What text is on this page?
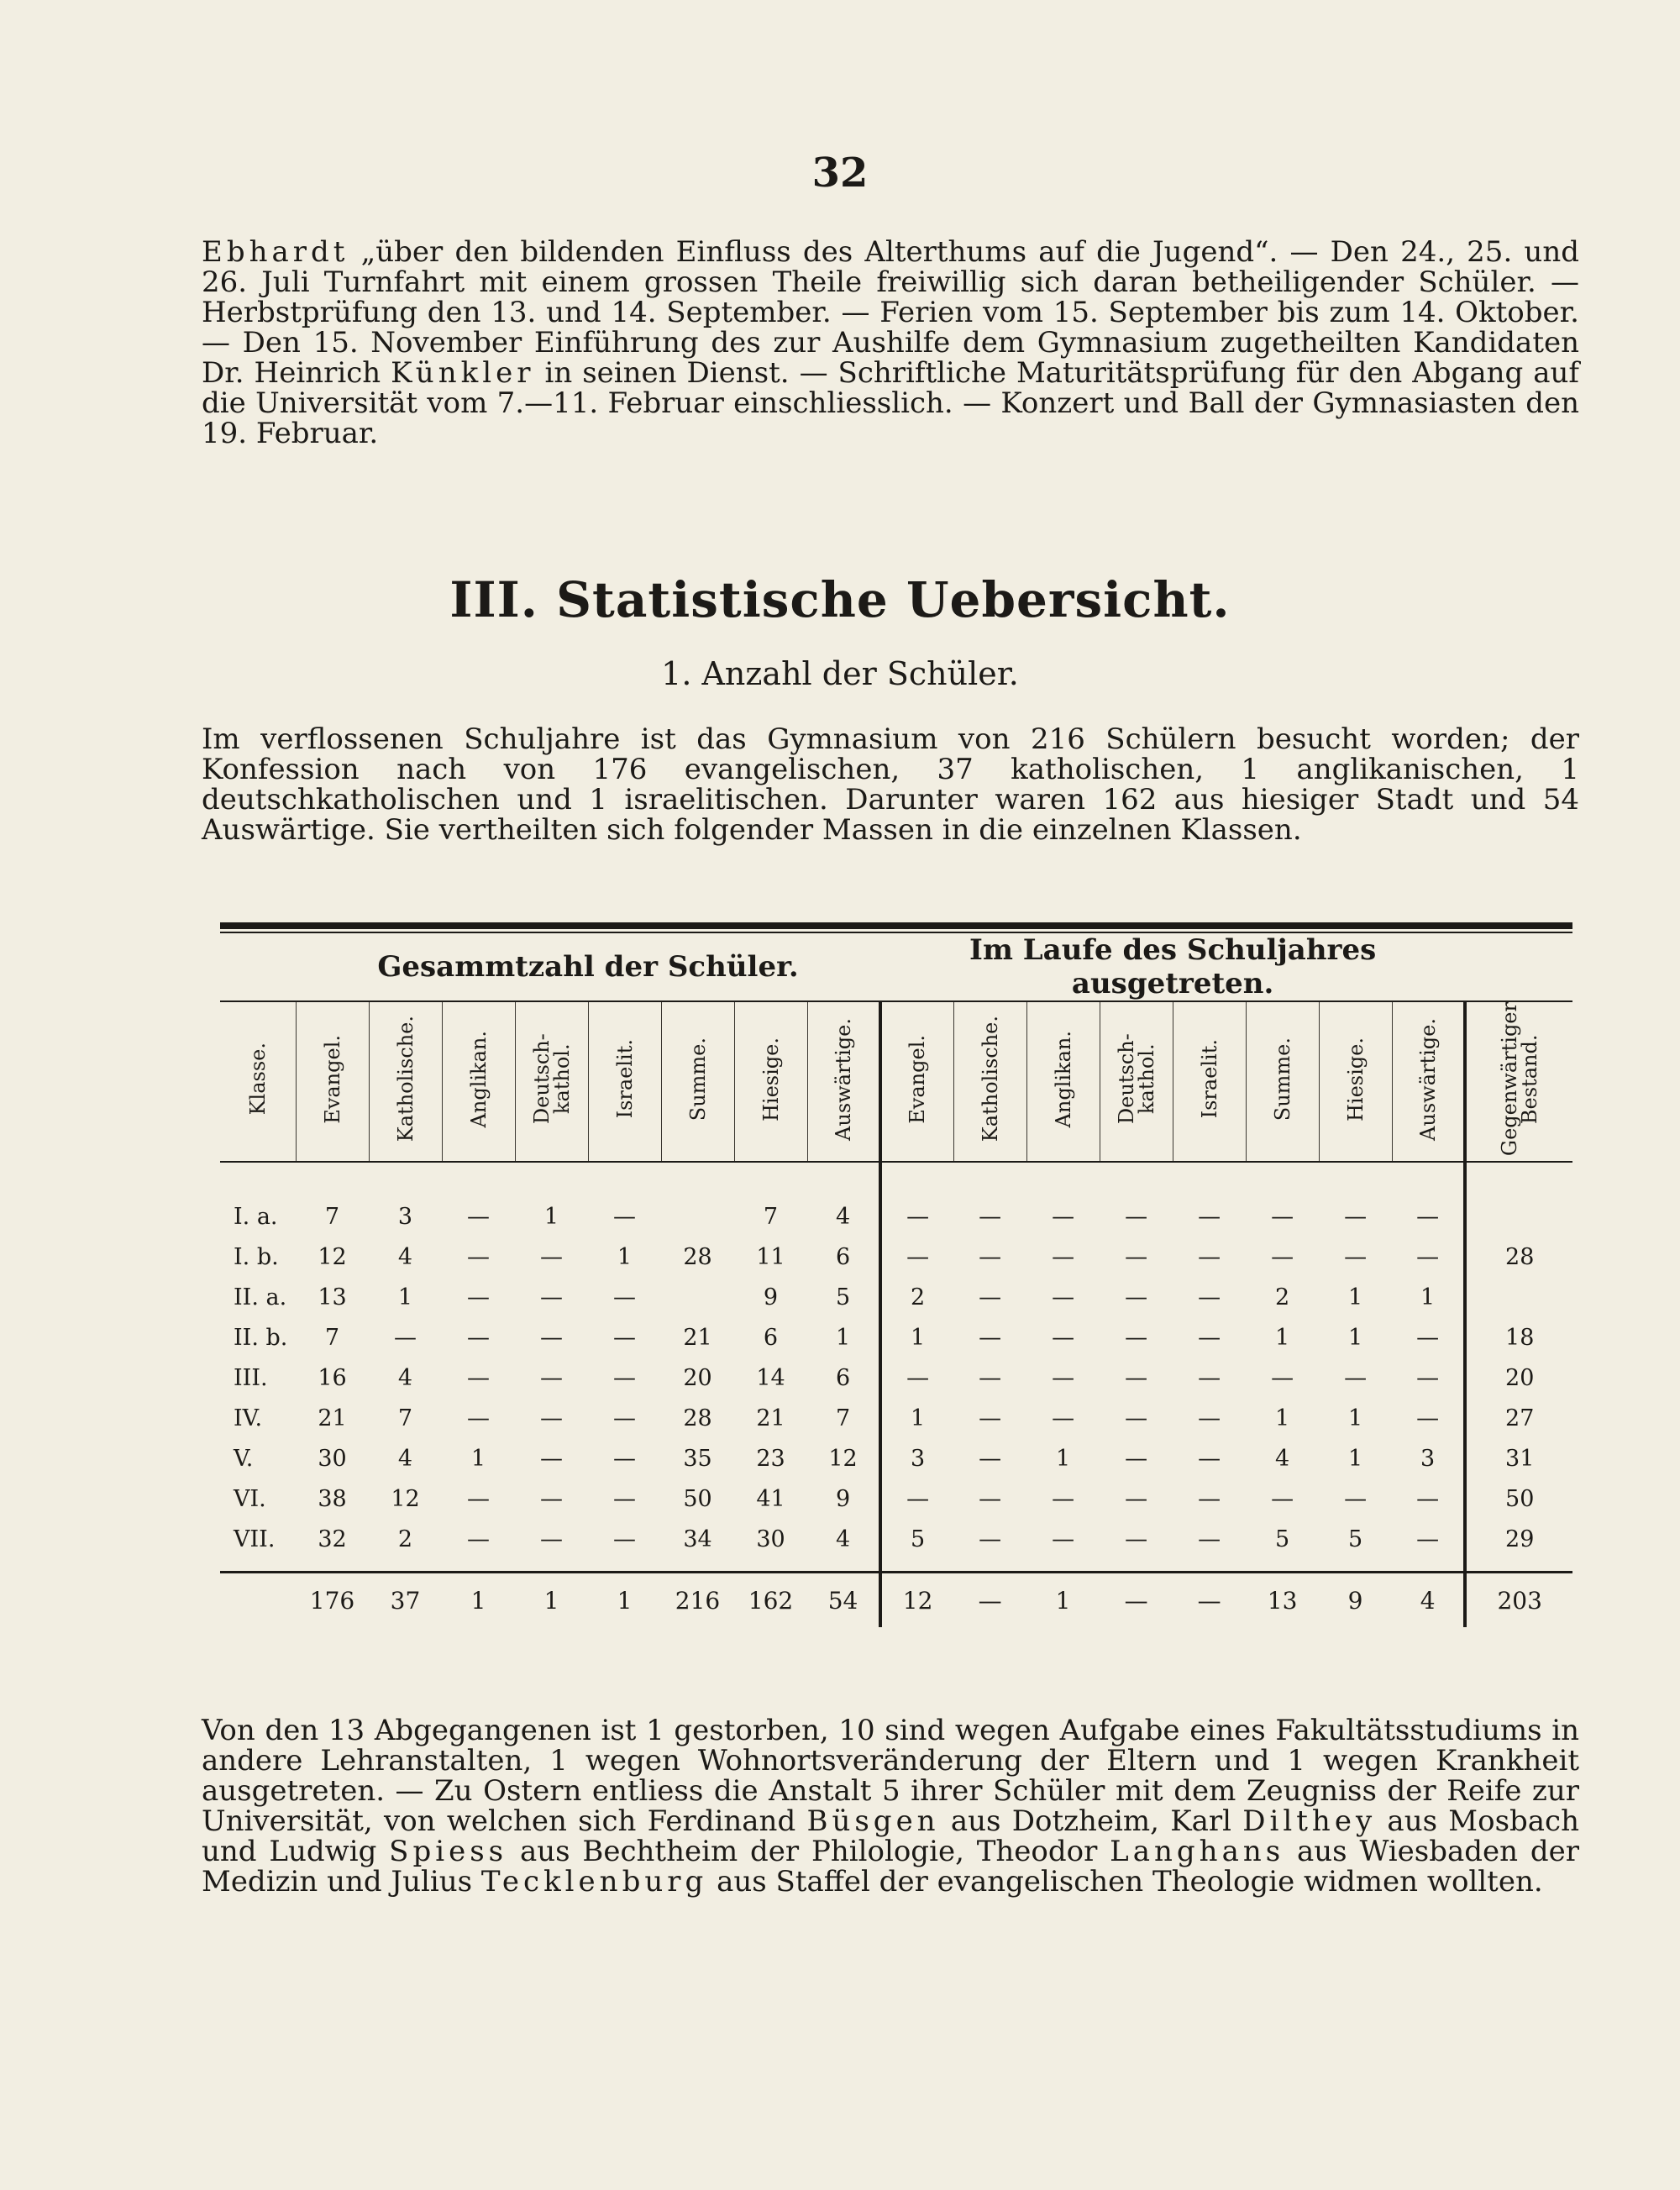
32

Ebhardt „über den bildenden Einfluss des Alterthums auf die Jugend“. — Den 24., 25. und 26. Juli Turnfahrt mit einem grossen Theile freiwillig sich daran betheiligender Schüler. — Herbstprüfung den 13. und 14. September. — Ferien vom 15. September bis zum 14. Oktober. — Den 15. November Einführung des zur Aushilfe dem Gymnasium zugetheilten Kandidaten Dr. Heinrich Künkler in seinen Dienst. — Schriftliche Maturitätsprüfung für den Abgang auf die Universität vom 7.—11. Februar einschliesslich. — Konzert und Ball der Gymnasiasten den 19. Februar.

III. Statistische Uebersicht.
1. Anzahl der Schüler.

Im verflossenen Schuljahre ist das Gymnasium von 216 Schülern besucht worden; der Konfession nach von 176 evangelischen, 37 katholischen, 1 anglikanischen, 1 deutschkatholischen und 1 israelitischen. Darunter waren 162 aus hiesiger Stadt und 54 Auswärtige. Sie vertheilten sich folgender Massen in die einzelnen Klassen.

	Gesammtzahl der Schüler.								Im Laufe des Schuljahres ausgetreten.								
Klasse.	Evangel.	Katholische.	Anglikan.	Deutsch-kathol.	Israelit.	Summe.	Hiesige.	Auswärtige.	Evangel.	Katholische.	Anglikan.	Deutsch-kathol.	Israelit.	Summe.	Hiesige.	Auswärtige.	Gegenwärtiger Bestand.

I. a.	7	3	—	1	—		7	4	—	—	—	—	—	—	—	—	
I. b.	12	4	—	—	1	28	11	6	—	—	—	—	—	—	—	—	28
II. a.	13	1	—	—	—		9	5	2	—	—	—	—	2	1	1	
II. b.	7	—	—	—	—	21	6	1	1	—	—	—	—	1	1	—	18
III.	16	4	—	—	—	20	14	6	—	—	—	—	—	—	—	—	20
IV.	21	7	—	—	—	28	21	7	1	—	—	—	—	1	1	—	27
V.	30	4	1	—	—	35	23	12	3	—	1	—	—	4	1	3	31
VI.	38	12	—	—	—	50	41	9	—	—	—	—	—	—	—	—	50
VII.	32	2	—	—	—	34	30	4	5	—	—	—	—	5	5	—	29

	176	37	1	1	1	216	162	54	12	—	1	—	—	13	9	4	203

Von den 13 Abgegangenen ist 1 gestorben, 10 sind wegen Aufgabe eines Fakultätsstudiums in andere Lehranstalten, 1 wegen Wohnortsveränderung der Eltern und 1 wegen Krankheit ausgetreten. — Zu Ostern entliess die Anstalt 5 ihrer Schüler mit dem Zeugniss der Reife zur Universität, von welchen sich Ferdinand Büsgen aus Dotzheim, Karl Dilthey aus Mosbach und Ludwig Spiess aus Bechtheim der Philologie, Theodor Langhans aus Wiesbaden der Medizin und Julius Tecklenburg aus Staffel der evangelischen Theologie widmen wollten.
